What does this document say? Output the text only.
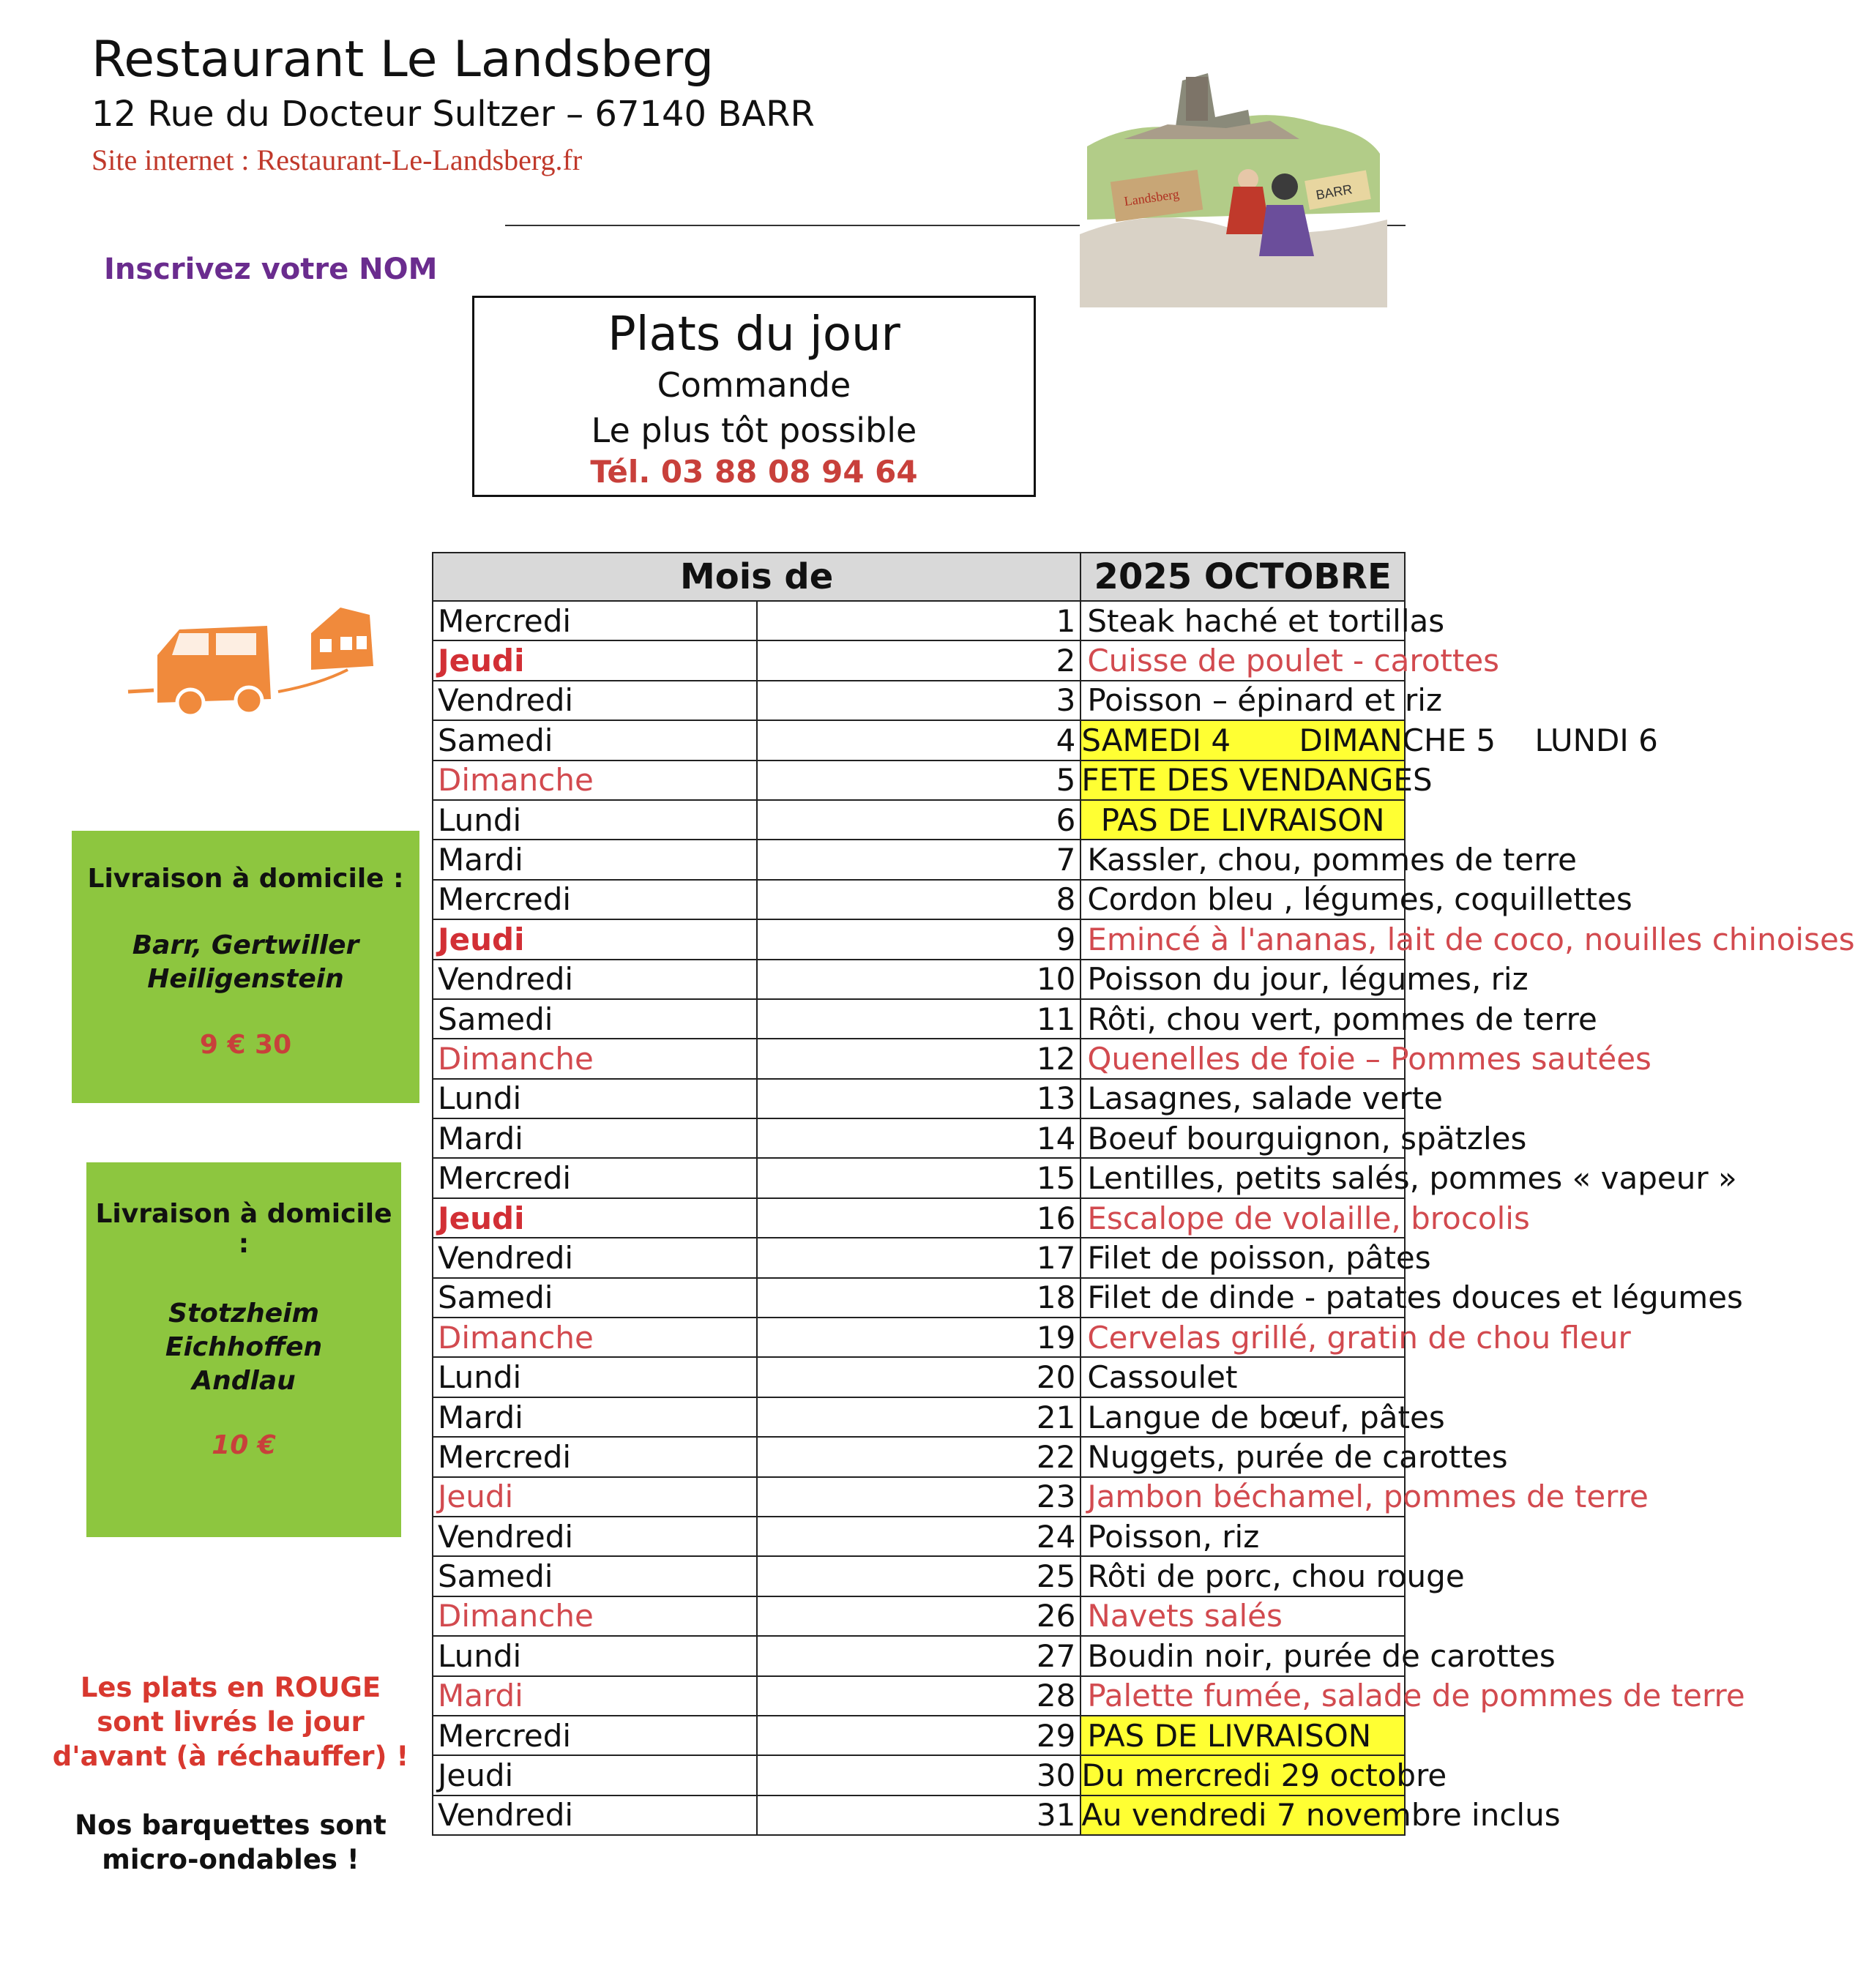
Restaurant Le Landsberg
12 Rue du Docteur Sultzer – 67140 BARR
Site internet : Restaurant-Le-Landsberg.fr
Inscrivez votre NOM
Landsberg	BARR
Plats du jour
Commande
Le plus tôt possible
Tél. 03 88 08 94 64
Livraison à domicile :
Barr, Gertwiller
Heiligenstein
9 € 30
Livraison à domicile :
Stotzheim
Eichhoffen
Andlau
10 €
Les plats en ROUGE
sont livrés le jour
d'avant (à réchauffer) !
Nos barquettes sont
micro-ondables !
Mois de		2025 OCTOBRE
Mercredi	1	Steak haché et tortillas
Jeudi	2	Cuisse de poulet - carottes
Vendredi	3	Poisson – épinard et riz
Samedi	4	SAMEDI 4       DIMANCHE 5    LUNDI 6
Dimanche	5	FETE DES VENDANGES
Lundi	6	PAS DE LIVRAISON
Mardi	7	Kassler, chou, pommes de terre
Mercredi	8	Cordon bleu , légumes, coquillettes
Jeudi	9	Emincé à l'ananas, lait de coco, nouilles chinoises
Vendredi	10	Poisson du jour, légumes, riz
Samedi	11	Rôti, chou vert, pommes de terre
Dimanche	12	Quenelles de foie – Pommes sautées
Lundi	13	Lasagnes, salade verte
Mardi	14	Boeuf bourguignon, spätzles
Mercredi	15	Lentilles, petits salés, pommes « vapeur »
Jeudi	16	Escalope de volaille, brocolis
Vendredi	17	Filet de poisson, pâtes
Samedi	18	Filet de dinde - patates douces et légumes
Dimanche	19	Cervelas grillé, gratin de chou fleur
Lundi	20	Cassoulet
Mardi	21	Langue de bœuf, pâtes
Mercredi	22	Nuggets, purée de carottes
Jeudi	23	Jambon béchamel, pommes de terre
Vendredi	24	Poisson, riz
Samedi	25	Rôti de porc, chou rouge
Dimanche	26	Navets salés
Lundi	27	Boudin noir, purée de carottes
Mardi	28	Palette fumée, salade de pommes de terre
Mercredi	29	PAS DE LIVRAISON
Jeudi	30	Du mercredi 29 octobre
Vendredi	31	Au vendredi 7 novembre inclus
